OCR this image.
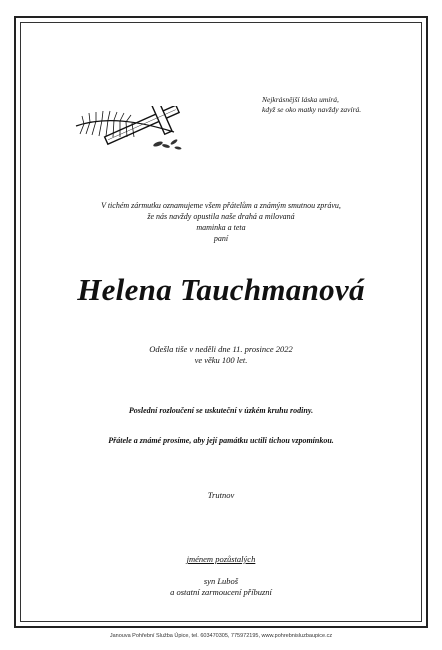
Nejkrásnější láska umírá,
když se oko matky navždy zavírá.
V tichém zármutku oznamujeme všem přátelům a známým smutnou zprávu,
že nás navždy opustila naše drahá a milovaná
maminka a teta
paní
Helena Tauchmanová
Odešla tiše v neděli dne 11. prosince 2022
ve věku 100 let.
Poslední rozloučení se uskuteční v úzkém kruhu rodiny.
Přátele a známé prosíme, aby její památku uctili tichou vzpomínkou.
Trutnov
jménem pozůstalých
syn Luboš
a ostatní zarmoucení příbuzní
Janouva Pohřební Služba Úpice, tel. 603470305, 775972195, www.pohrebnisluzbaupice.cz
